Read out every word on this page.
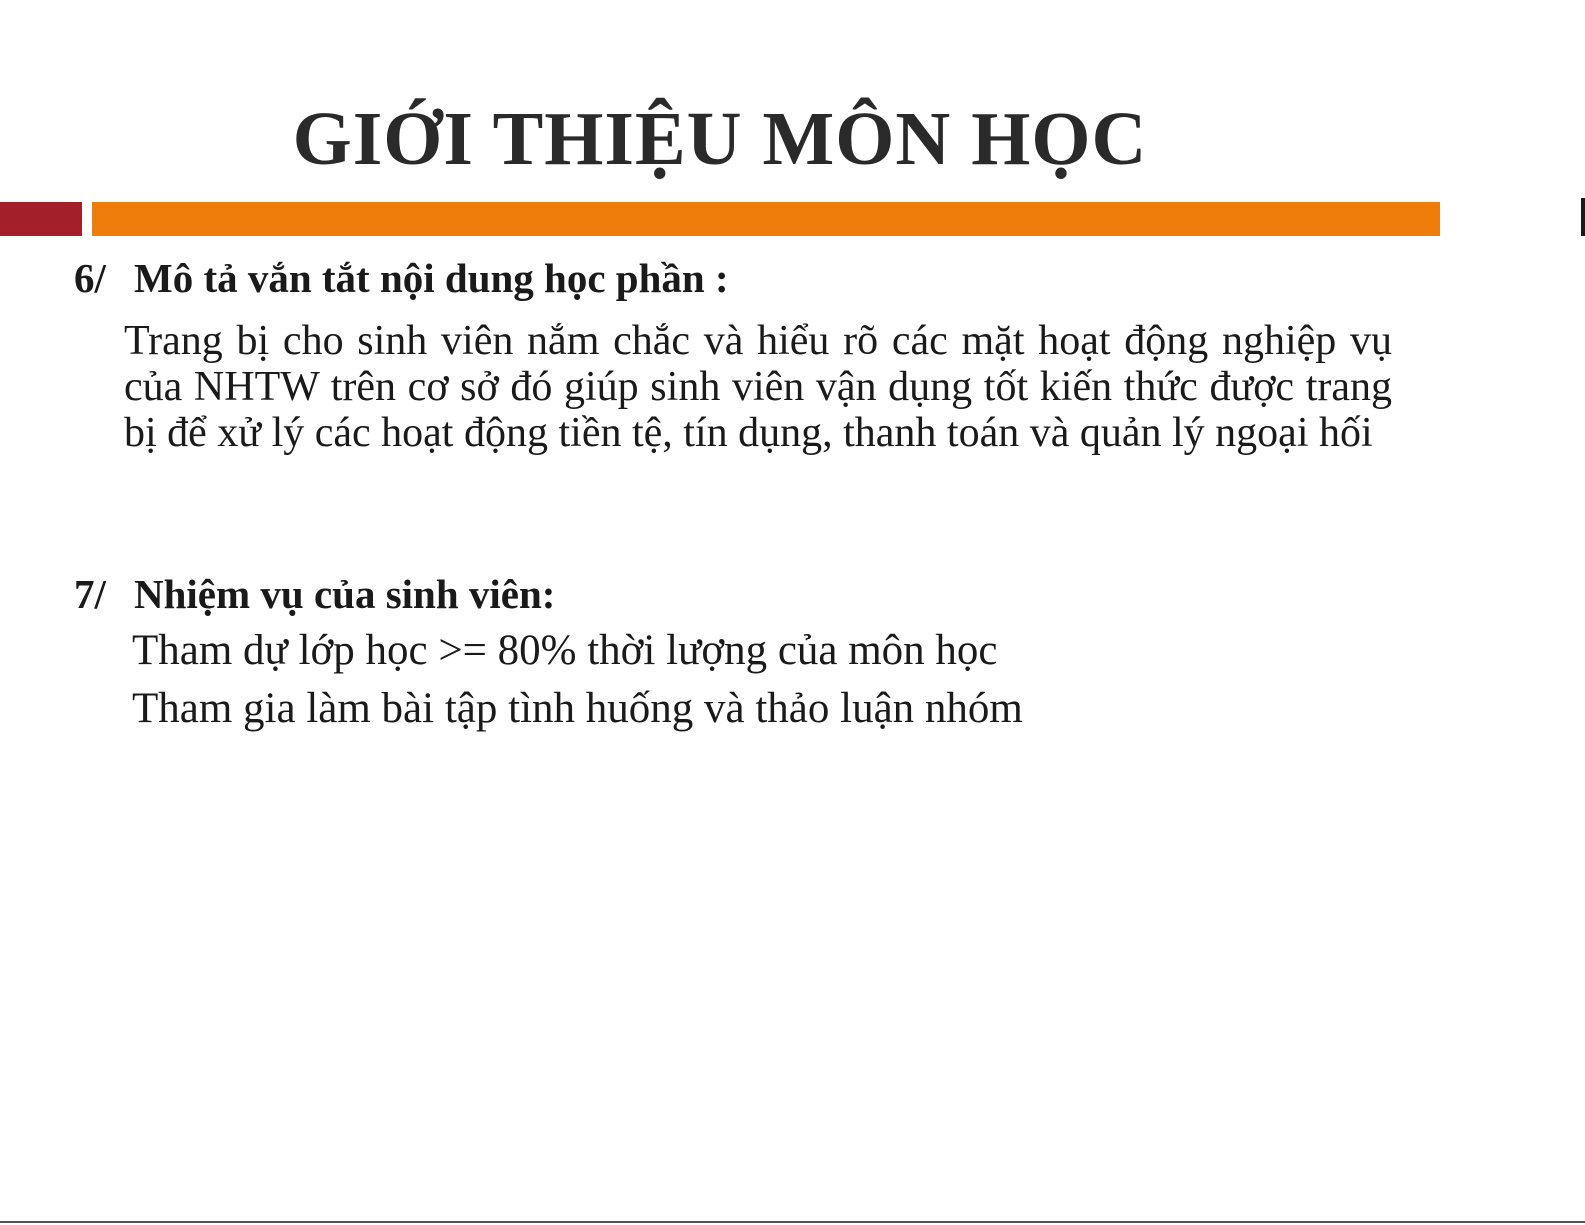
GIỚI THIỆU MÔN HỌC
6/ Mô tả vắn tắt nội dung học phần :
Trang bị cho sinh viên nắm chắc và hiểu rõ các mặt hoạt động nghiệp vụ của NHTW trên cơ sở đó giúp sinh viên vận dụng tốt kiến thức được trang bị để xử lý các hoạt động tiền tệ, tín dụng, thanh toán và quản lý ngoại hối
7/ Nhiệm vụ của sinh viên:
Tham dự lớp học >= 80% thời lượng của môn học
Tham gia làm bài tập tình huống và thảo luận nhóm
